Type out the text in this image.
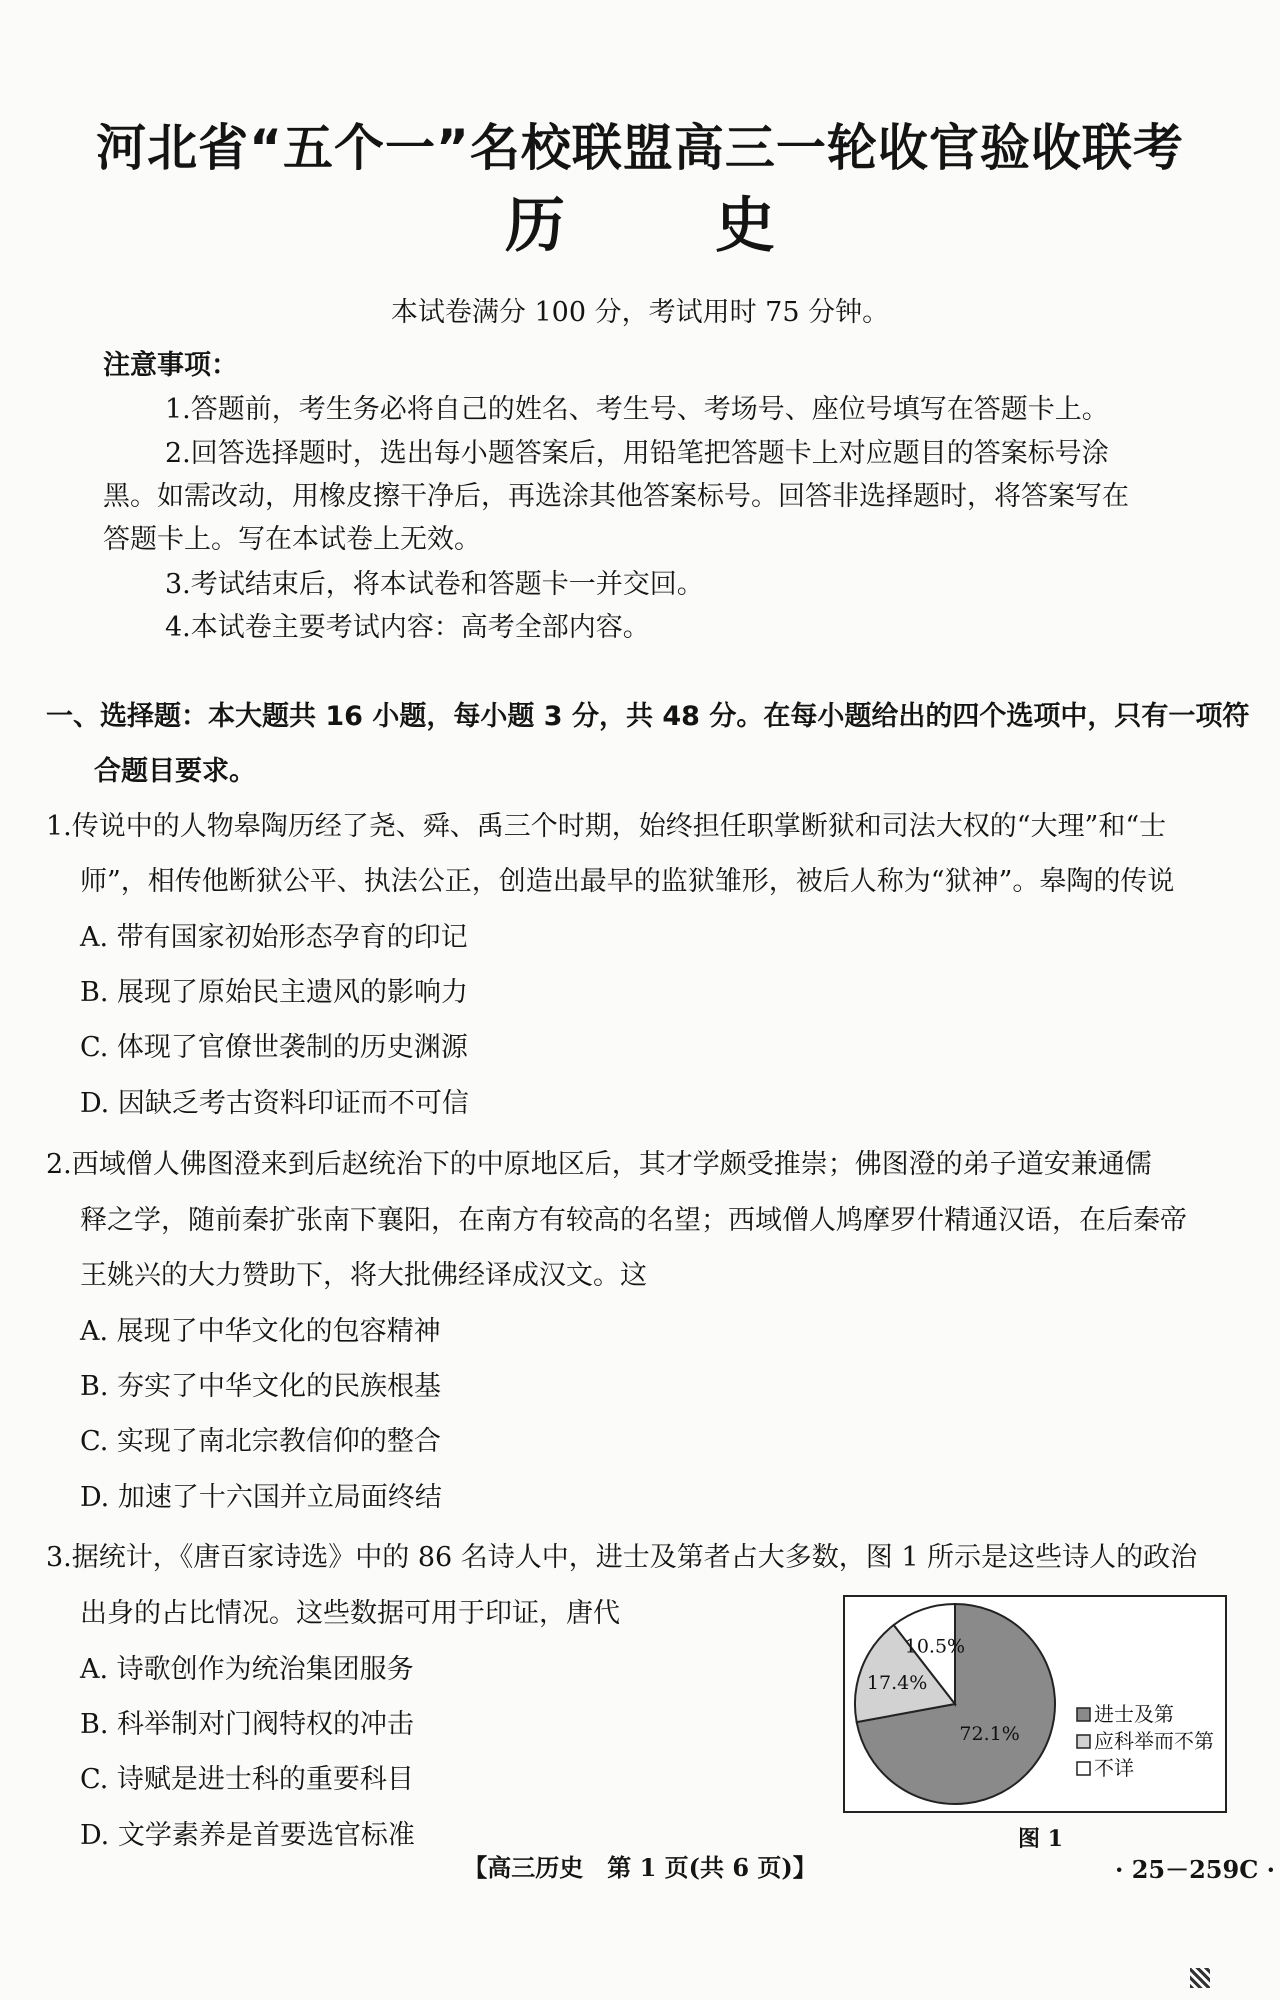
河北省“五个一”名校联盟高三一轮收官验收联考
历史
本试卷满分 100 分，考试用时 75 分钟。
注意事项：
1.答题前，考生务必将自己的姓名、考生号、考场号、座位号填写在答题卡上。
2.回答选择题时，选出每小题答案后，用铅笔把答题卡上对应题目的答案标号涂
黑。如需改动，用橡皮擦干净后，再选涂其他答案标号。回答非选择题时，将答案写在
答题卡上。写在本试卷上无效。
3.考试结束后，将本试卷和答题卡一并交回。
4.本试卷主要考试内容：高考全部内容。
一、选择题：本大题共 16 小题，每小题 3 分，共 48 分。在每小题给出的四个选项中，只有一项符
合题目要求。
1.传说中的人物皋陶历经了尧、舜、禹三个时期，始终担任职掌断狱和司法大权的“大理”和“士
师”，相传他断狱公平、执法公正，创造出最早的监狱雏形，被后人称为“狱神”。皋陶的传说
A. 带有国家初始形态孕育的印记
B. 展现了原始民主遗风的影响力
C. 体现了官僚世袭制的历史渊源
D. 因缺乏考古资料印证而不可信
2.西域僧人佛图澄来到后赵统治下的中原地区后，其才学颇受推崇；佛图澄的弟子道安兼通儒
释之学，随前秦扩张南下襄阳，在南方有较高的名望；西域僧人鸠摩罗什精通汉语，在后秦帝
王姚兴的大力赞助下，将大批佛经译成汉文。这
A. 展现了中华文化的包容精神
B. 夯实了中华文化的民族根基
C. 实现了南北宗教信仰的整合
D. 加速了十六国并立局面终结
3.据统计，《唐百家诗选》中的 86 名诗人中，进士及第者占大多数，图 1 所示是这些诗人的政治
出身的占比情况。这些数据可用于印证，唐代
A. 诗歌创作为统治集团服务
B. 科举制对门阀特权的冲击
C. 诗赋是进士科的重要科目
D. 文学素养是首要选官标准
72.1%
17.4%
10.5%
进士及第
应科举而不第
不详
图 1
【高三历史　第 1 页(共 6 页)】	· 25－259C ·
